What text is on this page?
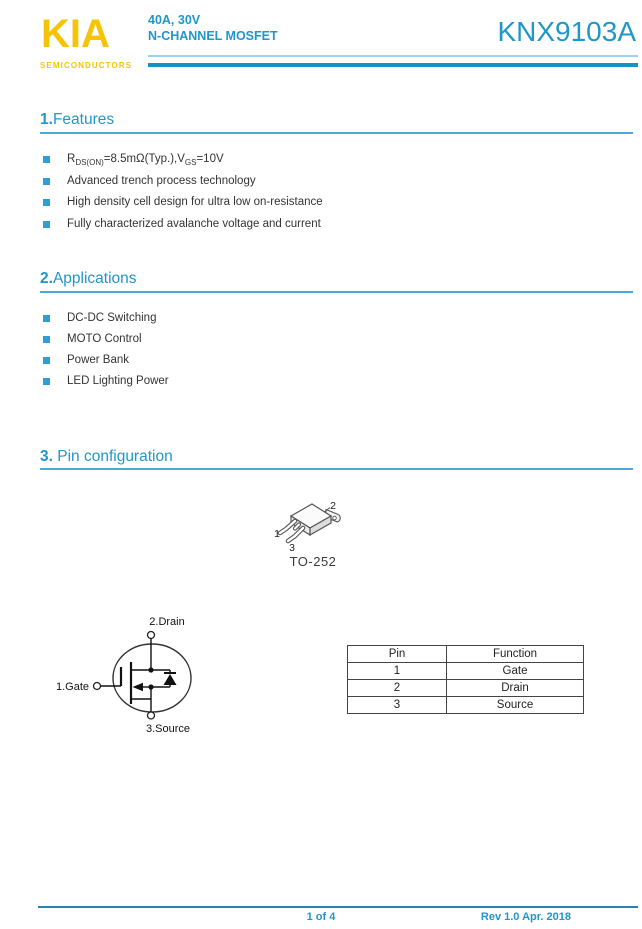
KIA
SEMICONDUCTORS
40A, 30V
N-CHANNEL MOSFET	KNX9103A
1.Features
$R_{DS(ON)}=8.5m\Omega(Typ.),V_{GS}=10V$
Advanced trench process technology
High density cell design for ultra low on-resistance
Fully characterized avalanche voltage and current
2.Applications
DC-DC Switching
MOTO Control
Power Bank
LED Lighting Power
3. Pin configuration
2
1
3
TO-252
2.Drain
1.Gate
3.Source
Pin	Function
1	Gate
2	Drain
3	Source
1 of 4	Rev 1.0 Apr. 2018
